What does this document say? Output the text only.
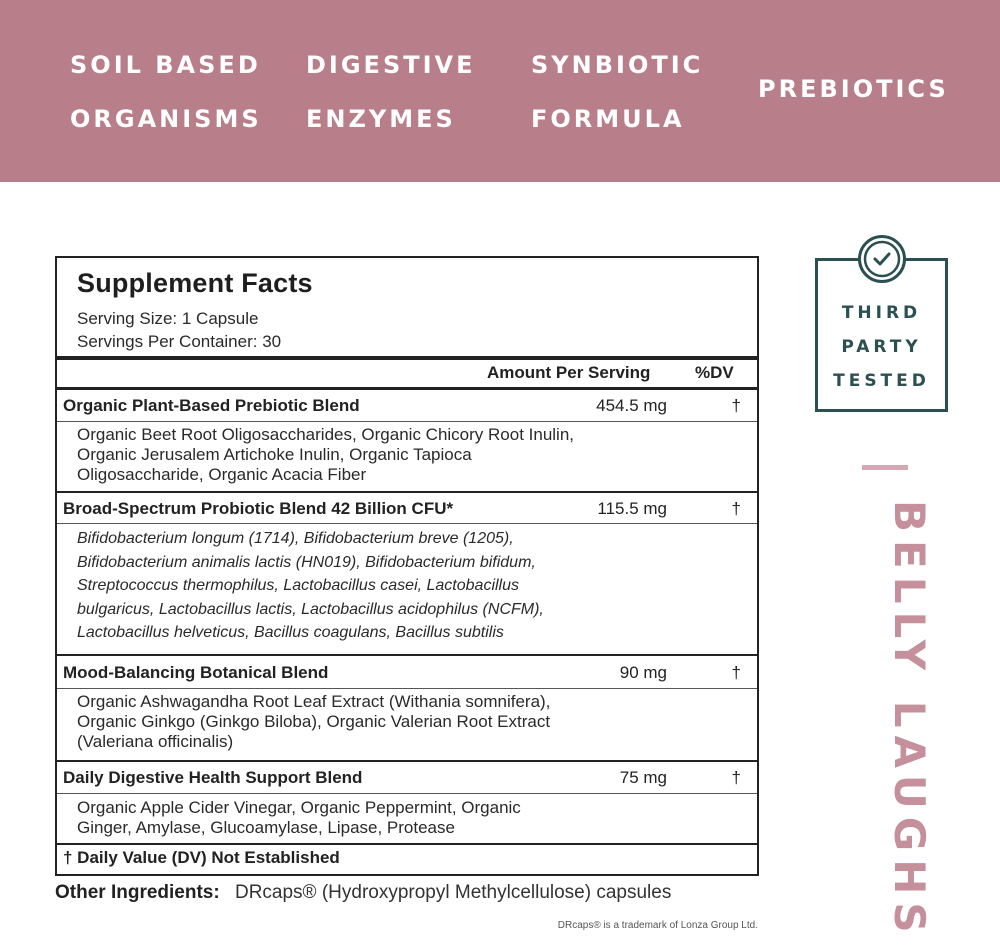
SOIL BASED
ORGANISMS
DIGESTIVE
ENZYMES
SYNBIOTIC
FORMULA
PREBIOTICS
Supplement Facts
Serving Size: 1 Capsule
Servings Per Container: 30
Amount Per Serving	%DV
Organic Plant-Based Prebiotic Blend	454.5 mg	†
Organic Beet Root Oligosaccharides, Organic Chicory Root Inulin,
Organic Jerusalem Artichoke Inulin, Organic Tapioca
Oligosaccharide, Organic Acacia Fiber
Broad-Spectrum Probiotic Blend 42 Billion CFU*	115.5 mg	†
Bifidobacterium longum (1714), Bifidobacterium breve (1205),
Bifidobacterium animalis lactis (HN019), Bifidobacterium bifidum,
Streptococcus thermophilus, Lactobacillus casei, Lactobacillus
bulgaricus, Lactobacillus lactis, Lactobacillus acidophilus (NCFM),
Lactobacillus helveticus, Bacillus coagulans, Bacillus subtilis
Mood-Balancing Botanical Blend	90 mg	†
Organic Ashwagandha Root Leaf Extract (Withania somnifera),
Organic Ginkgo (Ginkgo Biloba), Organic Valerian Root Extract
(Valeriana officinalis)
Daily Digestive Health Support Blend	75 mg	†
Organic Apple Cider Vinegar, Organic Peppermint, Organic
Ginger, Amylase, Glucoamylase, Lipase, Protease
† Daily Value (DV) Not Established
Other Ingredients: DRcaps® (Hydroxypropyl Methylcellulose) capsules
DRcaps® is a trademark of Lonza Group Ltd.
THIRD
PARTY
TESTED
BELLY LAUGHS
